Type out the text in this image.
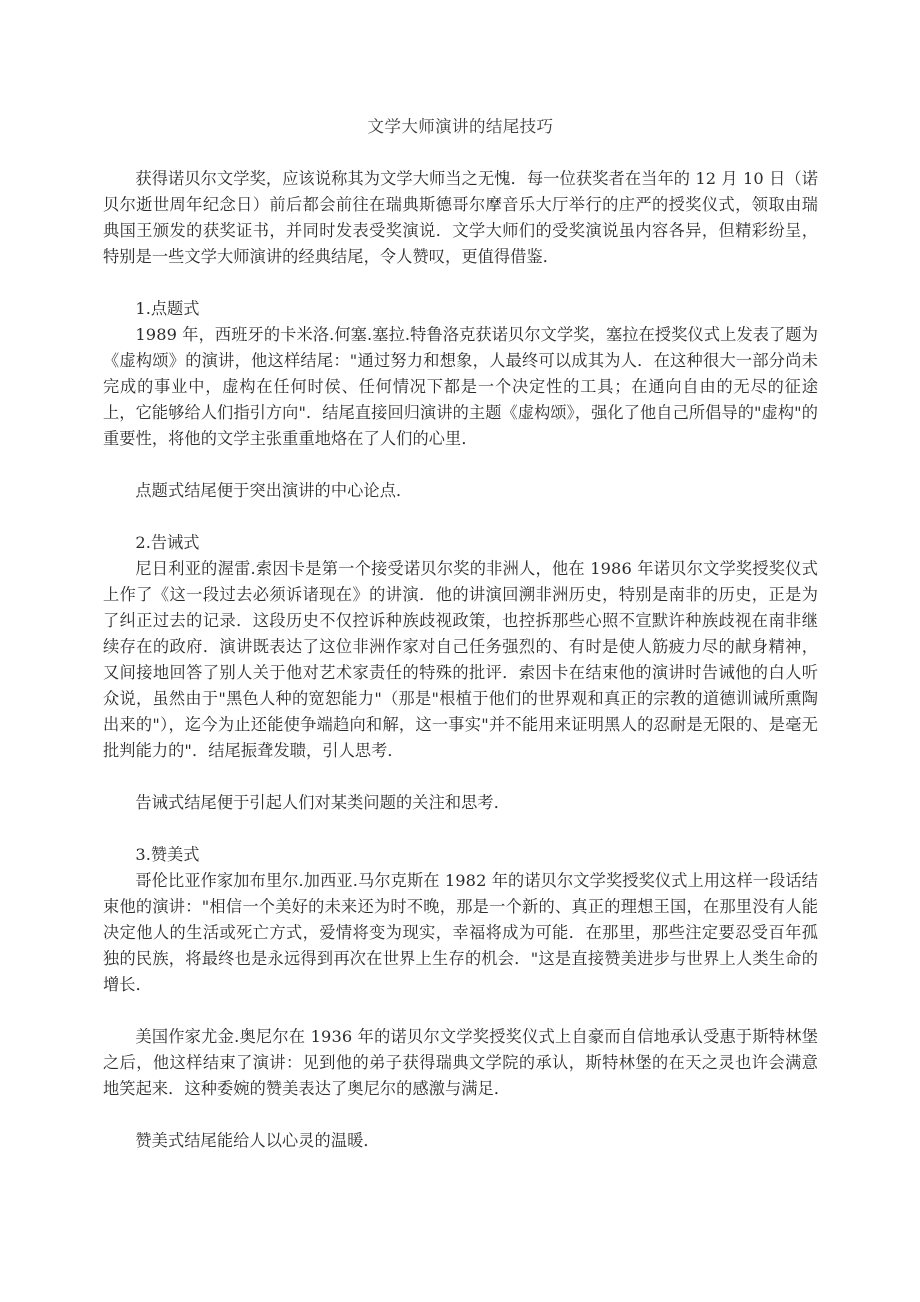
文学大师演讲的结尾技巧

获得诺贝尔文学奖，应该说称其为文学大师当之无愧．每一位获奖者在当年的 12 月 10 日（诺贝尔逝世周年纪念日）前后都会前往在瑞典斯德哥尔摩音乐大厅举行的庄严的授奖仪式，领取由瑞典国王颁发的获奖证书，并同时发表受奖演说．文学大师们的受奖演说虽内容各异，但精彩纷呈，特别是一些文学大师演讲的经典结尾，令人赞叹，更值得借鉴．

1.点题式

1989 年，西班牙的卡米洛.何塞.塞拉.特鲁洛克获诺贝尔文学奖，塞拉在授奖仪式上发表了题为《虚构颂》的演讲，他这样结尾："通过努力和想象，人最终可以成其为人．在这种很大一部分尚未完成的事业中，虚构在任何时侯、任何情况下都是一个决定性的工具；在通向自由的无尽的征途上，它能够给人们指引方向"．结尾直接回归演讲的主题《虚构颂》，强化了他自己所倡导的"虚构"的重要性，将他的文学主张重重地烙在了人们的心里．

点题式结尾便于突出演讲的中心论点．

2.告诫式

尼日利亚的渥雷.索因卡是第一个接受诺贝尔奖的非洲人，他在 1986 年诺贝尔文学奖授奖仪式上作了《这一段过去必须诉诸现在》的讲演．他的讲演回溯非洲历史，特别是南非的历史，正是为了纠正过去的记录．这段历史不仅控诉种族歧视政策，也控拆那些心照不宣默许种族歧视在南非继续存在的政府．演讲既表达了这位非洲作家对自己任务强烈的、有时是使人筋疲力尽的献身精神，又间接地回答了别人关于他对艺术家责任的特殊的批评．索因卡在结束他的演讲时告诫他的白人听众说，虽然由于"黑色人种的宽恕能力"（那是"根植于他们的世界观和真正的宗教的道德训诫所熏陶出来的"），迄今为止还能使争端趋向和解，这一事实"并不能用来证明黑人的忍耐是无限的、是毫无批判能力的"．结尾振聋发聩，引人思考．

告诫式结尾便于引起人们对某类问题的关注和思考．

3.赞美式

哥伦比亚作家加布里尔.加西亚.马尔克斯在 1982 年的诺贝尔文学奖授奖仪式上用这样一段话结束他的演讲："相信一个美好的未来还为时不晚，那是一个新的、真正的理想王国，在那里没有人能决定他人的生活或死亡方式，爱情将变为现实，幸福将成为可能．在那里，那些注定要忍受百年孤独的民族，将最终也是永远得到再次在世界上生存的机会．"这是直接赞美进步与世界上人类生命的增长．

美国作家尤金.奥尼尔在 1936 年的诺贝尔文学奖授奖仪式上自豪而自信地承认受惠于斯特林堡之后，他这样结束了演讲：见到他的弟子获得瑞典文学院的承认，斯特林堡的在天之灵也许会满意地笑起来．这种委婉的赞美表达了奥尼尔的感激与满足．

赞美式结尾能给人以心灵的温暖．
